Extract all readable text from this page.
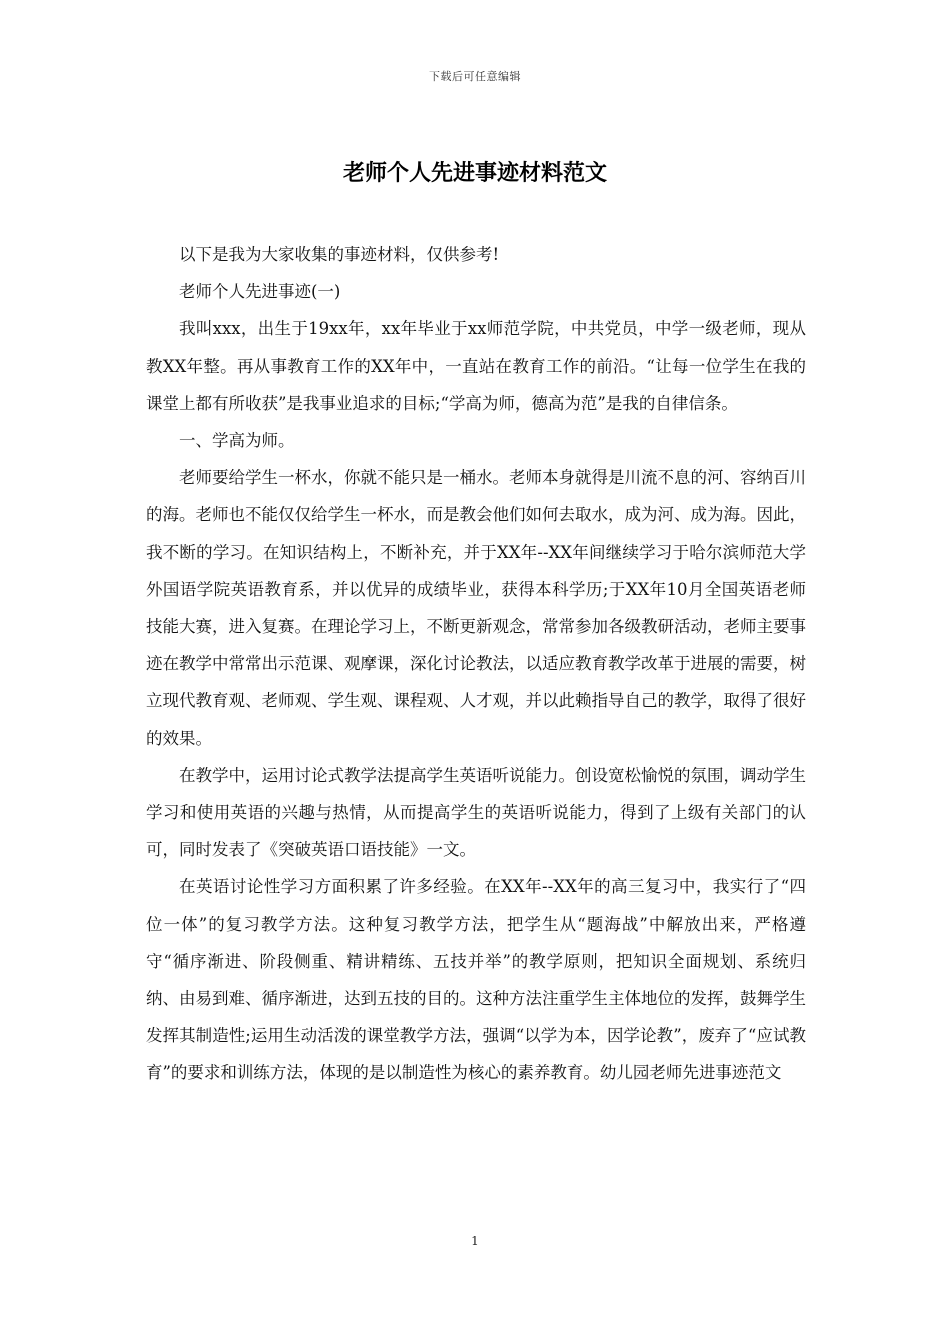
下载后可任意编辑
老师个人先进事迹材料范文

以下是我为大家收集的事迹材料，仅供参考!

老师个人先进事迹(一)

我叫xxx，出生于19xx年，xx年毕业于xx师范学院，中共党员，中学一级老师，现从教XX年整。再从事教育工作的XX年中，一直站在教育工作的前沿。“让每一位学生在我的课堂上都有所收获”是我事业追求的目标;“学高为师，德高为范”是我的自律信条。

一、学高为师。

老师要给学生一杯水，你就不能只是一桶水。老师本身就得是川流不息的河、容纳百川的海。老师也不能仅仅给学生一杯水，而是教会他们如何去取水，成为河、成为海。因此，我不断的学习。在知识结构上，不断补充，并于XX年--XX年间继续学习于哈尔滨师范大学外国语学院英语教育系，并以优异的成绩毕业，获得本科学历;于XX年10月全国英语老师技能大赛，进入复赛。在理论学习上，不断更新观念，常常参加各级教研活动，老师主要事迹在教学中常常出示范课、观摩课，深化讨论教法，以适应教育教学改革于进展的需要，树立现代教育观、老师观、学生观、课程观、人才观，并以此赖指导自己的教学，取得了很好的效果。

在教学中，运用讨论式教学法提高学生英语听说能力。创设宽松愉悦的氛围，调动学生学习和使用英语的兴趣与热情，从而提高学生的英语听说能力，得到了上级有关部门的认可，同时发表了《突破英语口语技能》一文。

在英语讨论性学习方面积累了许多经验。在XX年--XX年的高三复习中，我实行了“四位一体”的复习教学方法。这种复习教学方法，把学生从“题海战”中解放出来，严格遵守“循序渐进、阶段侧重、精讲精练、五技并举”的教学原则，把知识全面规划、系统归纳、由易到难、循序渐进，达到五技的目的。这种方法注重学生主体地位的发挥，鼓舞学生发挥其制造性;运用生动活泼的课堂教学方法，强调“以学为本，因学论教”，废弃了“应试教育”的要求和训练方法，体现的是以制造性为核心的素养教育。幼儿园老师先进事迹范文

1
